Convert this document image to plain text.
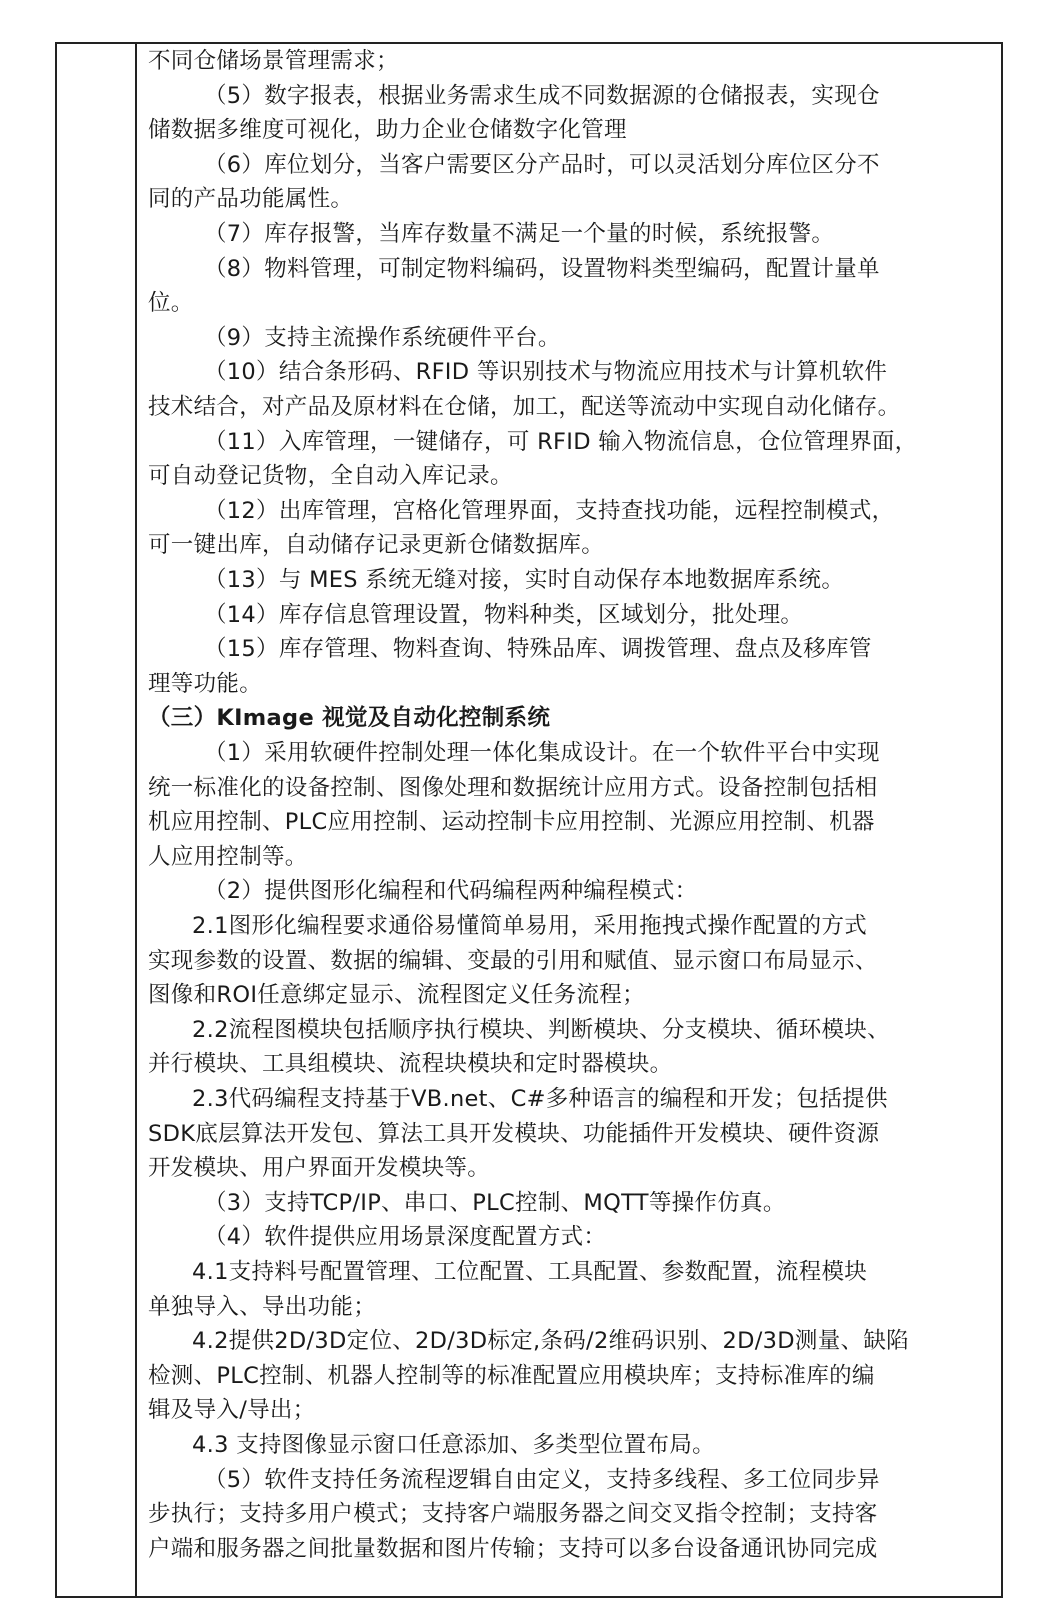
不同仓储场景管理需求；
（5）数字报表，根据业务需求生成不同数据源的仓储报表，实现仓
储数据多维度可视化，助力企业仓储数字化管理
（6）库位划分，当客户需要区分产品时，可以灵活划分库位区分不
同的产品功能属性。
（7）库存报警，当库存数量不满足一个量的时候，系统报警。
（8）物料管理，可制定物料编码，设置物料类型编码，配置计量单
位。
（9）支持主流操作系统硬件平台。
（10）结合条形码、RFID 等识别技术与物流应用技术与计算机软件
技术结合，对产品及原材料在仓储，加工，配送等流动中实现自动化储存。
（11）入库管理，一键储存，可 RFID 输入物流信息，仓位管理界面，
可自动登记货物，全自动入库记录。
（12）出库管理，宫格化管理界面，支持查找功能，远程控制模式，
可一键出库，自动储存记录更新仓储数据库。
（13）与 MES 系统无缝对接，实时自动保存本地数据库系统。
（14）库存信息管理设置，物料种类，区域划分，批处理。
（15）库存管理、物料查询、特殊品库、调拨管理、盘点及移库管
理等功能。
（三）KImage 视觉及自动化控制系统
（1）采用软硬件控制处理一体化集成设计。在一个软件平台中实现
统一标准化的设备控制、图像处理和数据统计应用方式。设备控制包括相
机应用控制、PLC应用控制、运动控制卡应用控制、光源应用控制、机器
人应用控制等。
（2）提供图形化编程和代码编程两种编程模式：
2.1图形化编程要求通俗易懂简单易用，采用拖拽式操作配置的方式
实现参数的设置、数据的编辑、变最的引用和赋值、显示窗口布局显示、
图像和ROI任意绑定显示、流程图定义任务流程；
2.2流程图模块包括顺序执行模块、判断模块、分支模块、循环模块、
并行模块、工具组模块、流程块模块和定时器模块。
2.3代码编程支持基于VB.net、C#多种语言的编程和开发；包括提供
SDK底层算法开发包、算法工具开发模块、功能插件开发模块、硬件资源
开发模块、用户界面开发模块等。
（3）支持TCP/IP、串口、PLC控制、MQTT等操作仿真。
（4）软件提供应用场景深度配置方式：
4.1支持料号配置管理、工位配置、工具配置、参数配置，流程模块
单独导入、导出功能；
4.2提供2D/3D定位、2D/3D标定,条码/2维码识别、2D/3D测量、缺陷
检测、PLC控制、机器人控制等的标准配置应用模块库；支持标准库的编
辑及导入/导出；
4.3 支持图像显示窗口任意添加、多类型位置布局。
（5）软件支持任务流程逻辑自由定义，支持多线程、多工位同步异
步执行；支持多用户模式；支持客户端服务器之间交叉指令控制；支持客
户端和服务器之间批量数据和图片传输；支持可以多台设备通讯协同完成
